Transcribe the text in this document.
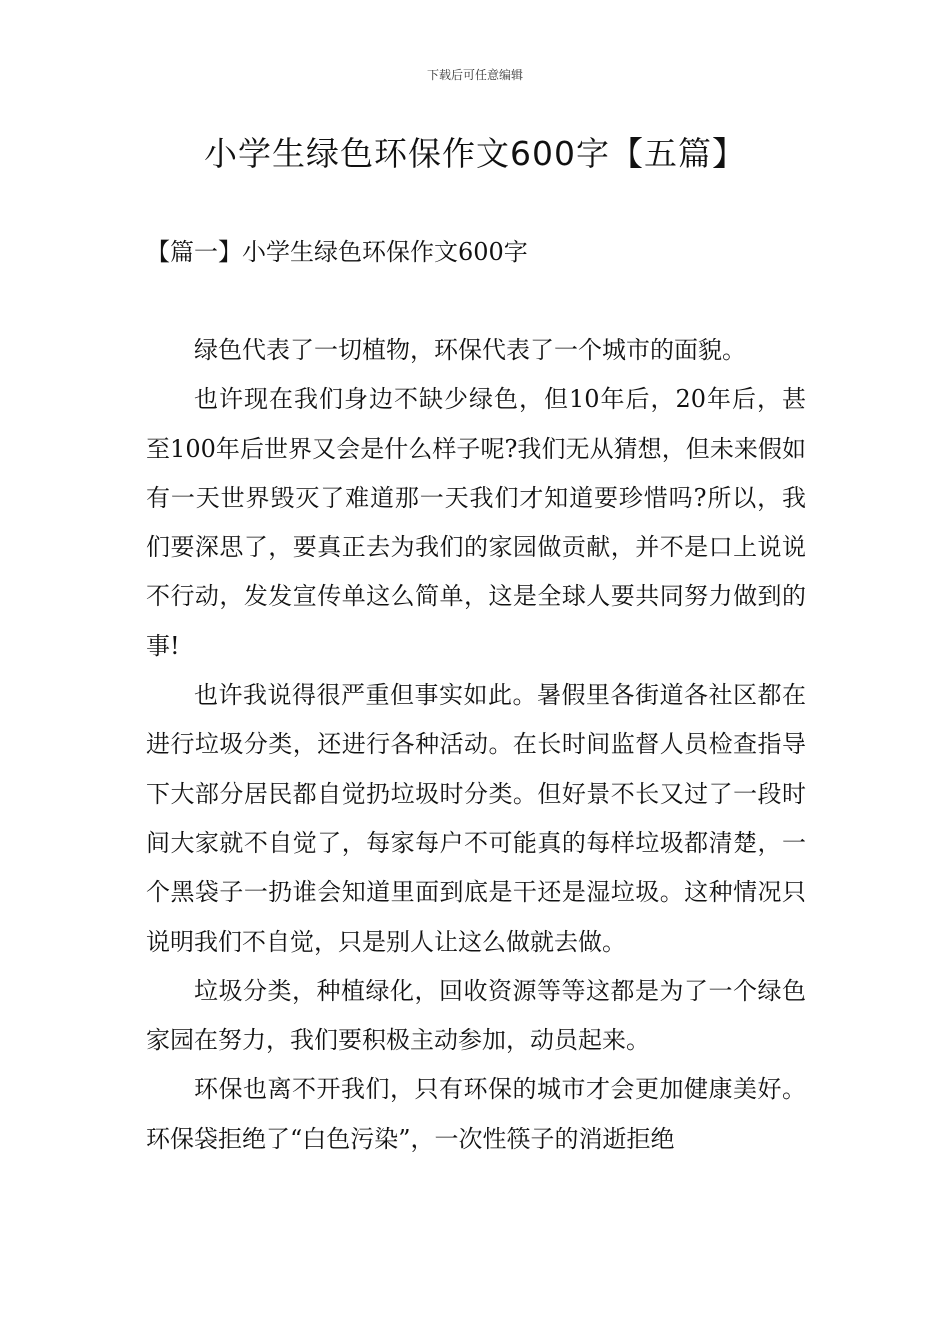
下载后可任意编辑
小学生绿色环保作文600字【五篇】
【篇一】小学生绿色环保作文600字

绿色代表了一切植物，环保代表了一个城市的面貌。

也许现在我们身边不缺少绿色，但10年后，20年后，甚至100年后世界又会是什么样子呢?我们无从猜想，但未来假如有一天世界毁灭了难道那一天我们才知道要珍惜吗?所以，我们要深思了，要真正去为我们的家园做贡献，并不是口上说说不行动，发发宣传单这么简单，这是全球人要共同努力做到的事!

也许我说得很严重但事实如此。暑假里各街道各社区都在进行垃圾分类，还进行各种活动。在长时间监督人员检查指导下大部分居民都自觉扔垃圾时分类。但好景不长又过了一段时间大家就不自觉了，每家每户不可能真的每样垃圾都清楚，一个黑袋子一扔谁会知道里面到底是干还是湿垃圾。这种情况只说明我们不自觉，只是别人让这么做就去做。

垃圾分类，种植绿化，回收资源等等这都是为了一个绿色家园在努力，我们要积极主动参加，动员起来。

环保也离不开我们，只有环保的城市才会更加健康美好。环保袋拒绝了“白色污染”，一次性筷子的消逝拒绝
